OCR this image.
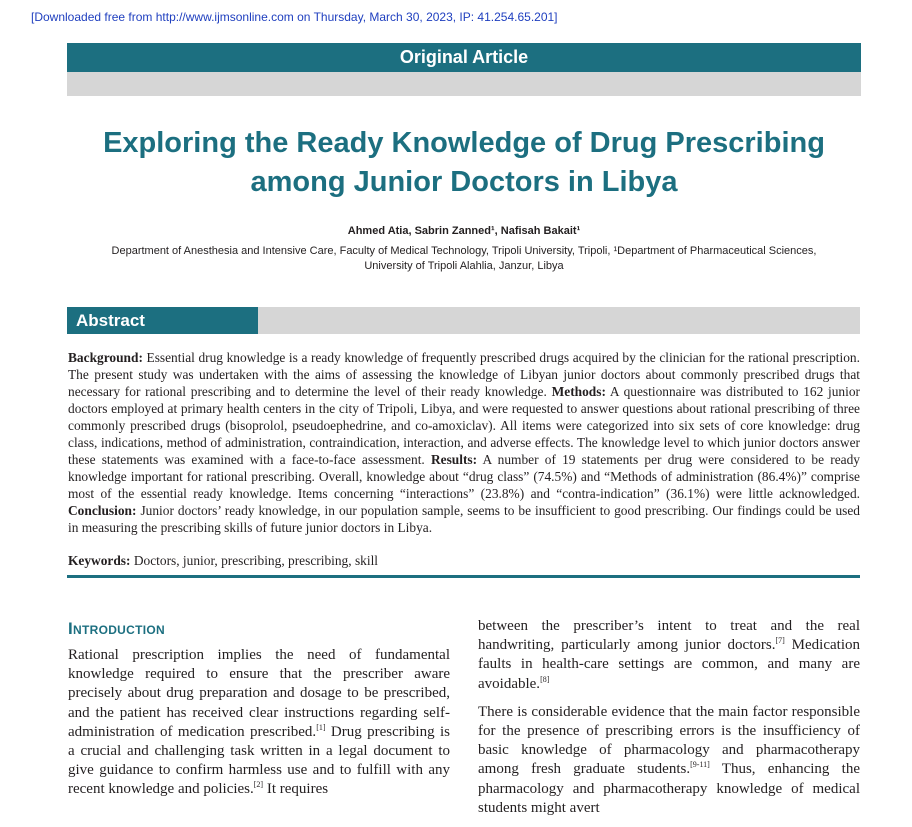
[Downloaded free from http://www.ijmsonline.com on Thursday, March 30, 2023, IP: 41.254.65.201]
Original Article
Exploring the Ready Knowledge of Drug Prescribing among Junior Doctors in Libya
Ahmed Atia, Sabrin Zanned¹, Nafisah Bakait¹
Department of Anesthesia and Intensive Care, Faculty of Medical Technology, Tripoli University, Tripoli, ¹Department of Pharmaceutical Sciences, University of Tripoli Alahlia, Janzur, Libya
Abstract
Background: Essential drug knowledge is a ready knowledge of frequently prescribed drugs acquired by the clinician for the rational prescription. The present study was undertaken with the aims of assessing the knowledge of Libyan junior doctors about commonly prescribed drugs that necessary for rational prescribing and to determine the level of their ready knowledge. Methods: A questionnaire was distributed to 162 junior doctors employed at primary health centers in the city of Tripoli, Libya, and were requested to answer questions about rational prescribing of three commonly prescribed drugs (bisoprolol, pseudoephedrine, and co-amoxiclav). All items were categorized into six sets of core knowledge: drug class, indications, method of administration, contraindication, interaction, and adverse effects. The knowledge level to which junior doctors answer these statements was examined with a face-to-face assessment. Results: A number of 19 statements per drug were considered to be ready knowledge important for rational prescribing. Overall, knowledge about “drug class” (74.5%) and “Methods of administration (86.4%)” comprise most of the essential ready knowledge. Items concerning “interactions” (23.8%) and “contra-indication” (36.1%) were little acknowledged. Conclusion: Junior doctors’ ready knowledge, in our population sample, seems to be insufficient to good prescribing. Our findings could be used in measuring the prescribing skills of future junior doctors in Libya.
Keywords: Doctors, junior, prescribing, prescribing, skill
Introduction
Rational prescription implies the need of fundamental knowledge required to ensure that the prescriber aware precisely about drug preparation and dosage to be prescribed, and the patient has received clear instructions regarding self-administration of medication prescribed.[1] Drug prescribing is a crucial and challenging task written in a legal document to give guidance to confirm harmless use and to fulfill with any recent knowledge and policies.[2] It requires

between the prescriber’s intent to treat and the real handwriting, particularly among junior doctors.[7] Medication faults in health-care settings are common, and many are avoidable.[8]

There is considerable evidence that the main factor responsible for the presence of prescribing errors is the insufficiency of basic knowledge of pharmacology and pharmacotherapy among fresh graduate students.[9-11] Thus, enhancing the pharmacology and pharmacotherapy knowledge of medical students might avert
